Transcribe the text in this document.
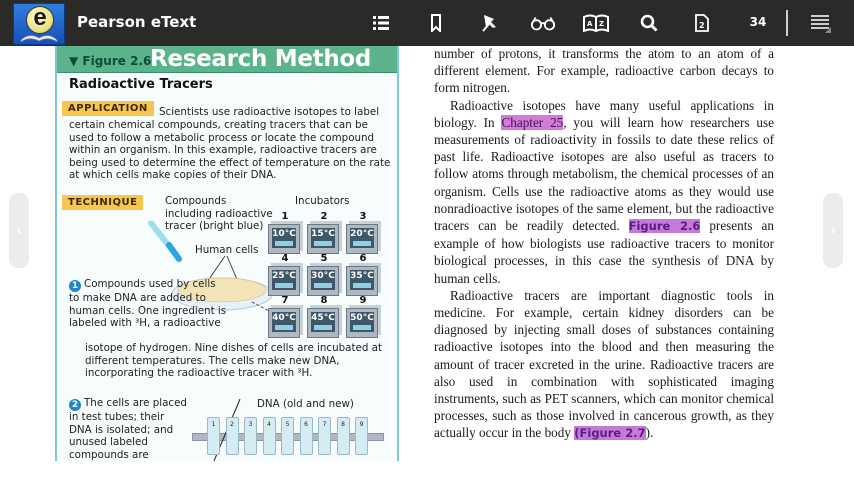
e	Pearson eText	A Z	2	34
‹	›
▼ Figure 2.6
Research Method
Radioactive Tracers
APPLICATION	Scientists use radioactive isotopes to label
certain chemical compounds, creating tracers that can be used to follow a metabolic process or locate the compound within an organism. In this example, radioactive tracers are being used to determine the effect of temperature on the rate at which cells make copies of their DNA.
TECHNIQUE	Compounds including radioactive tracer (bright blue)
Incubators
Human cells
1
10°C
2
15°C
3
20°C
4
25°C
5
30°C
6
35°C
7
40°C
8
45°C
9
50°C
1 Compounds used by cells to make DNA are added to human cells. One ingredient is labeled with ³H, a radioactive
isotope of hydrogen. Nine dishes of cells are incubated at different temperatures. The cells make new DNA, incorporating the radioactive tracer with ³H.
2 The cells are placed in test tubes; their DNA is isolated; and unused labeled compounds are
DNA (old and new)
1	2	3	4	5	6	7	8	9

number of protons, it transforms the atom to an atom of a different element. For example, radioactive carbon decays to form nitrogen.

Radioactive isotopes have many useful applications in biology. In Chapter 25, you will learn how researchers use measurements of radioactivity in fossils to date these relics of past life. Radioactive isotopes are also useful as tracers to follow atoms through metabolism, the chemical processes of an organism. Cells use the radioactive atoms as they would use nonradioactive isotopes of the same element, but the radioactive tracers can be readily detected. Figure 2.6 presents an example of how biologists use radioactive tracers to monitor biological processes, in this case the synthesis of DNA by human cells.

Radioactive tracers are important diagnostic tools in medicine. For example, certain kidney disorders can be diagnosed by injecting small doses of substances containing radioactive isotopes into the blood and then measuring the amount of tracer excreted in the urine. Radioactive tracers are also used in combination with sophisticated imaging instruments, such as PET scanners, which can monitor chemical processes, such as those involved in cancerous growth, as they actually occur in the body (Figure 2.7).
